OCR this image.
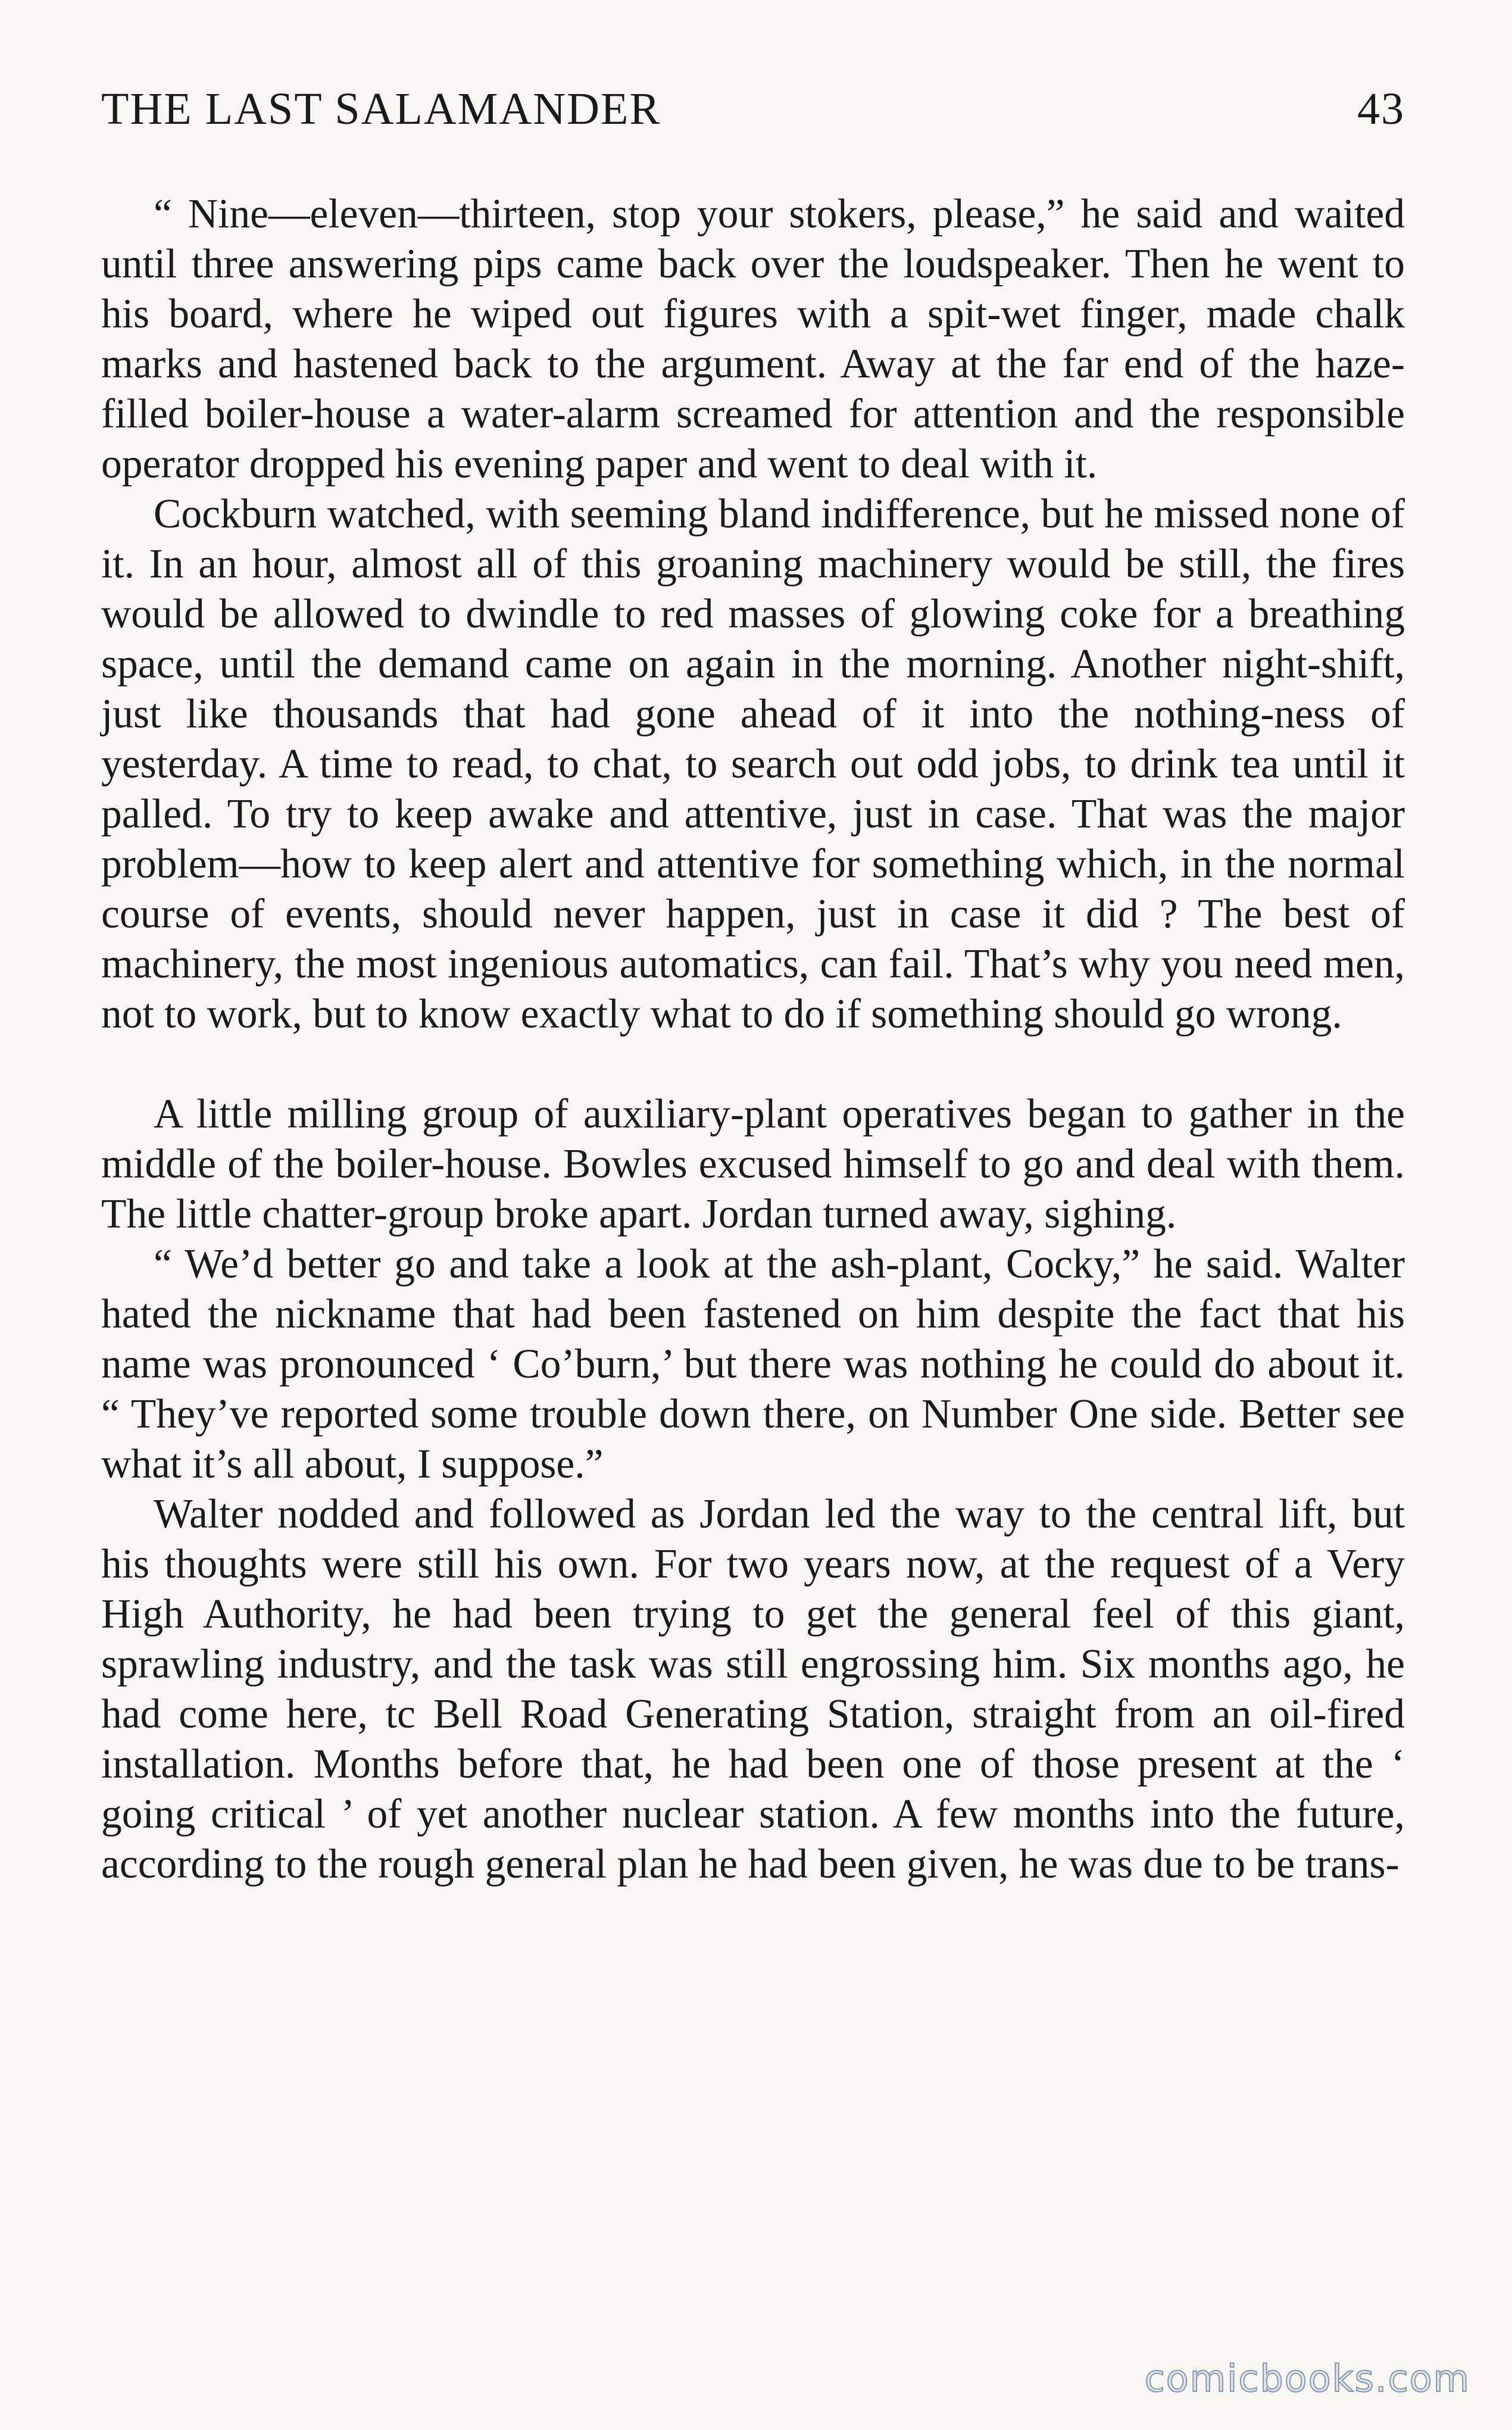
THE LAST SALAMANDER	43

“ Nine—eleven—thirteen, stop your stokers, please,” he said and waited until three answering pips came back over the loudspeaker. Then he went to his board, where he wiped out figures with a spit-wet finger, made chalk marks and hastened back to the argument. Away at the far end of the haze-filled boiler-house a water-alarm screamed for attention and the responsible operator dropped his evening paper and went to deal with it.

Cockburn watched, with seeming bland indifference, but he missed none of it. In an hour, almost all of this groaning machinery would be still, the fires would be allowed to dwindle to red masses of glowing coke for a breathing space, until the demand came on again in the morning. Another night-shift, just like thousands that had gone ahead of it into the nothing-ness of yesterday. A time to read, to chat, to search out odd jobs, to drink tea until it palled. To try to keep awake and attentive, just in case. That was the major problem—how to keep alert and attentive for something which, in the normal course of events, should never happen, just in case it did ? The best of machinery, the most ingenious automatics, can fail. That’s why you need men, not to work, but to know exactly what to do if something should go wrong.

A little milling group of auxiliary-plant operatives began to gather in the middle of the boiler-house. Bowles excused himself to go and deal with them. The little chatter-group broke apart. Jordan turned away, sighing.

“ We’d better go and take a look at the ash-plant, Cocky,” he said. Walter hated the nickname that had been fastened on him despite the fact that his name was pronounced ‘ Co’burn,’ but there was nothing he could do about it. “ They’ve reported some trouble down there, on Number One side. Better see what it’s all about, I suppose.”

Walter nodded and followed as Jordan led the way to the central lift, but his thoughts were still his own. For two years now, at the request of a Very High Authority, he had been trying to get the general feel of this giant, sprawling industry, and the task was still engrossing him. Six months ago, he had come here, tc Bell Road Generating Station, straight from an oil-fired installation. Months before that, he had been one of those present at the ‘ going critical ’ of yet another nuclear station. A few months into the future, according to the rough general plan he had been given, he was due to be trans-

comicbooks.com
